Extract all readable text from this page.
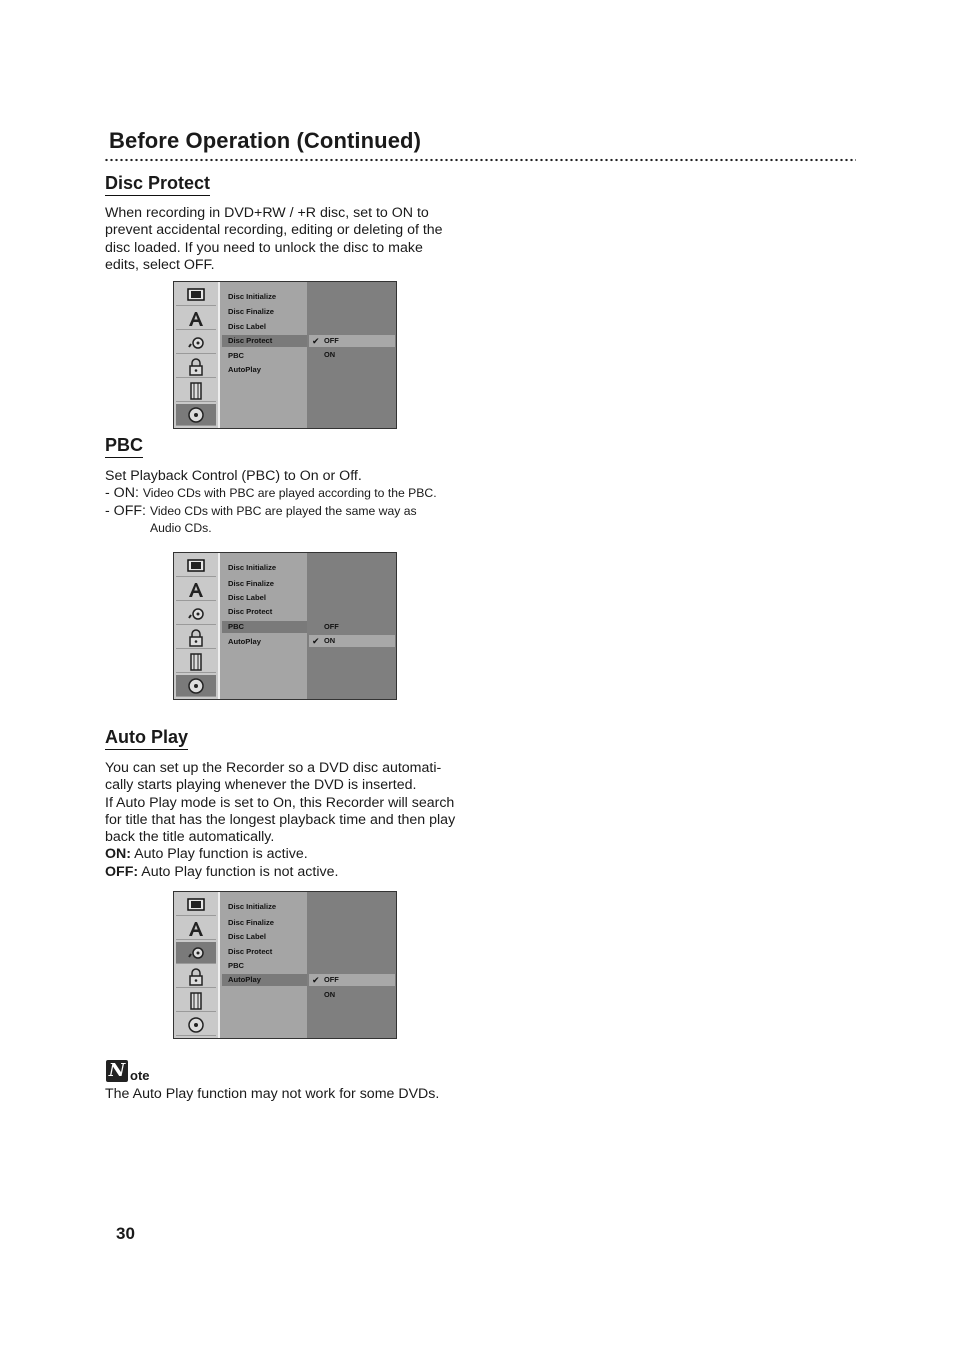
Before Operation (Continued)
Disc Protect

When recording in DVD+RW / +R disc, set to ON to

prevent accidental recording, editing or deleting of the

disc loaded. If you need to unlock the disc to make

edits, select OFF.

Disc Initialize
Disc Finalize
Disc Label
Disc Protect
PBC
AutoPlay
✔ OFF
ON
PBC

Set Playback Control (PBC) to On or Off.

- ON: Video CDs with PBC are played according to the PBC.

- OFF: Video CDs with PBC are played the same way as

Audio CDs.

Disc Initialize
Disc Finalize
Disc Label
Disc Protect
PBC
AutoPlay
OFF
✔ ON
Auto Play

You can set up the Recorder so a DVD disc automati-

cally starts playing whenever the DVD is inserted.

If Auto Play mode is set to On, this Recorder will search

for title that has the longest playback time and then play

back the title automatically.

ON: Auto Play function is active.

OFF: Auto Play function is not active.

Disc Initialize
Disc Finalize
Disc Label
Disc Protect
PBC
AutoPlay	✔ OFF
ON
N ote
The Auto Play function may not work for some DVDs.
30
